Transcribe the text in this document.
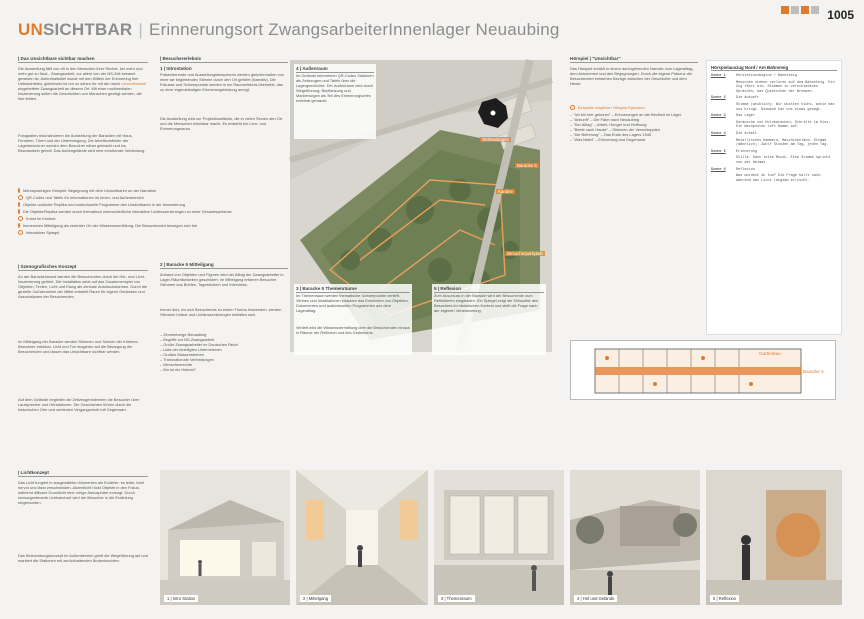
UNSICHTBAR | Erinnerungsort ZwangsarbeiterInnenlager Neuaubing
1005
| Das Unsichtbare sichtbar machen
Die Ausstellung fällt von oft in den Menschen ihrer Rechte, bei mehr und mehr gut zu Nazi-, Zwangsarbeit, vor allem von der NS-Zeit bekannt gewesen ist. Aufenthaltstitel wurde mit den Mitteln der Erinnerung hier Unbeachtetes, gleichwohl ist nur zu sehen Ihr mit der durch Unsichtbarkeit eingebettete Zwangsarbeit an diesem Ort. Mit einer multimedialen Inszenierung sollen die Geschichten von Menschen gezeigt werden, die hier lebten.
Fotografien rekonstruieren die Ausstellung der Baracken mit Haus, Fenstern, Türen und der Unterbringung. Die Arbeitsumfelder der Lagerbewohner werden dem Besucher näher gebracht und ins Bewusstsein geholt. Das Außengelände wird eine emotionale Verbindung.
Mehrsprachiges Hörspiel: Begegnung mit dem Unsichtbaren an der Narration
QR-Codes und Tafeln für Informationen im Innen- und Außenbereich
Objekte und/oder Replika und audiovisuelle Programme des Unsichtbaren in der Inszenierung
Die Objekte/Replika werden durch thematisch unterschiedliche interaktive Lichtinszenierungen zu einer Gesamtsymbiose
Kunst im Kontext
Immersives Mitteilgang als zentraler Ort der Wissensvermittlung. Die Besuchenden bewegen sich frei
Interaktiver Spiegel
| Szenografisches Konzept
An der Barackenwand werden die Besuchenden durch die Hör- und Licht-Inszenierung geführt. Die Installation setzt auf das Zusammenspiel von Objekten, Texten, Licht und Klang als zentrale Ausdrucksformen. Durch die gezielte Zurücknahme der Mittel entsteht Raum für eigene Gedanken und Assoziationen der Besuchenden.
Im Mittelgang der Baracke werden Stimmen und Szenen der früheren Bewohner erlebbar. Licht und Ton reagieren auf die Bewegung der Besuchenden und lassen das Unsichtbare sichtbar werden.
Auf dem Gelände begleiten die Zeitzeugenstimmen die Besucher über Lautsprecher und Hörstationen. Die Geschichten führen durch die historischen Orte und verbinden Vergangenheit mit Gegenwart.
| Lichtkonzept
Das Licht fungiert in ausgewählten Momenten als Erzähler: es leitet, hebt hervor und lässt verschwinden. Akzentlicht rückt Objekte in den Fokus, während diffuses Grundlicht eine ruhige Atmosphäre erzeugt. Durch sensorgesteuerte Lichtwechsel wird der Besucher in die Erzählung eingebunden.
Das Beleuchtungskonzept im Außenbereich greift die Wegeführung auf und markiert die Stationen mit zurückhaltenden Bodenleuchten.
| Besuchererlebnis
1 | Introstation
Präsentierende und Ausstellungsbesucherin werden gleichermaßen von einer sie begleitenden Stimme durch den Ort geführt (Narrativ). Die Fokusse und Schwerpunkte werden in ein Raumerlebnis übersetzt, das zu einer eigenständigen Erinnerungsleistung anregt.
Die Ausstellung wird zur Projektionsfläche, die in vielen Sinnen den Ort und die Menschen erfahrbar macht. Es entsteht ein Lern- und Erinnerungsraum.
2 | Baracke 5 Mitteilgang
Anhand von Objekten und Figuren wird der Alltag der Zwangsarbeiter in Lager-Räumlichkeiten geschildert. Im Mittelgang erfahren Besucher Stimmen aus Briefen, Tagebüchern und Interviews.
Immer dort, wo sich Besuchende zu einem Thema hinwenden, werden Stimmen hörbar und Lichtinszenierungen entfalten sich.
– Zimmerberge Neuaubing
– Begriffe zur NS-Zwangsarbeit
– Große Zwangsarbeiter im Deutschen Reich
– Liste der beteiligten Unternehmen
– Großes Massensterben
– Transnationale Verbindungen
– Menschenrechte
– Wo ist ein Heimat?
Wohnanlagen
Baracke 5
Kantine
Besucherparkplatz
4 | Außenraum
Im Gelände informieren QR-Codes Stationen als Zeitzeugen und Tafeln über die Lagergeschichte. Der Außenraum wird durch Wegeführung, Bepflanzung und Markierungen als Teil des Erinnerungsortes erlebbar gemacht.
3 | Baracke 5 Themenräume
Im Themenraum werden thematische Schwerpunkte vertieft. Vitrinen und Installationen erlauben das Entdecken von Objekten, Dokumenten und audiovisuellen Programmen aus dem Lageralltag.
Verlieft wird die Wissensvermittlung über die Besuchenden hinaus in Räume der Reflexion und des Gedenkens.
5 | Reflexion
Zum Abschluss in der Baracke wird der Besuchende zum Reflektieren eingeladen. Ein Spiegel zeigt die Silhouette des Besuchers im historischen Kontext und stellt die Frage nach der eigenen Verantwortung.
Hörspiel | "Unsichtbar"
Das Hörspiel erzählt in einem durchgehenden Narrativ vom Lageralltag, dem Ankommen und den Begegnungen. Durch die eigene Präsenz der Besuchenden entstehen Bezüge zwischen der Geschichte und dem Heute.
Beispiele möglicher Hörspiel-Episoden:
– "Ich bin hier geboren" – Erinnerungen an die Kindheit im Lager
– "Ankunft" – Die Fahrt nach Neuaubing
– "Der Alltag" – Arbeit, Hunger und Hoffnung
– "Briefe nach Hause" – Stimmen der Verschleppten
– "Die Befreiung" – Das Ende des Lagers 1945
– "Was bleibt" – Erinnerung und Gegenwart
Gartenbau
Baracke 5
Hörspielauszug Nord / Am Bahnsteig
Szene 1	Hörstationsbeginn / Bahnsteig
Menschen stehen verloren auf dem Bahnsteig. Ein Zug fährt ein, Stimmen in verschiedenen Sprachen, das Quietschen der Bremsen.
Szene 2	Die Ankunft
Stimme (weiblich): Wir wussten nicht, wohin man uns bringt. Niemand hat uns etwas gesagt.
Szene 3	Das Lager
Geräusche von Holzbaracken, Schritte im Kies. Ein Wachposten ruft Namen auf.
Szene 4	Die Arbeit
Metallisches Hämmern, Maschinenlärm. Stimme (männlich): Zwölf Stunden am Tag, jeden Tag.
Szene 5	Erinnerung
Stille. Dann leise Musik. Eine Stimme spricht von der Heimat.
Szene 6	Reflexion
Was würdest du tun? Die Frage hallt nach, während das Licht langsam erlischt.
1 | Intro Station	2 | Mittelgang	3 | Themenraum	4 | Hof und Gelände	5 | Reflexion
